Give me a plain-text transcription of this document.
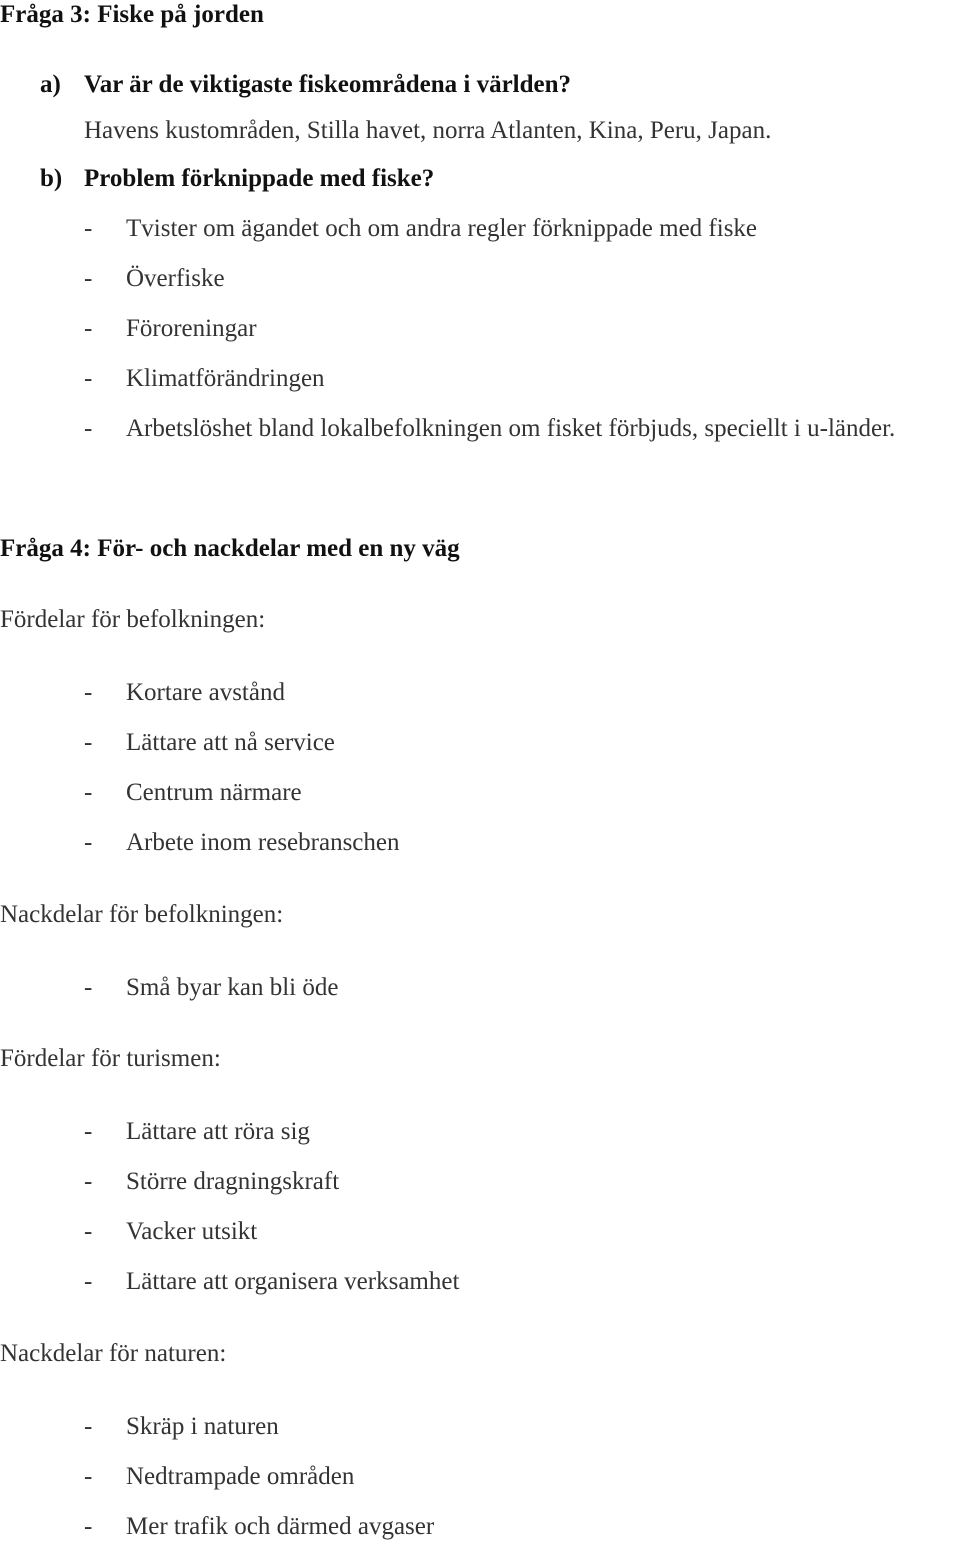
Fråga 3: Fiske på jorden

a) Var är de viktigaste fiskeområdena i världen?
Havens kustområden, Stilla havet, norra Atlanten, Kina, Peru, Japan.
b) Problem förknippade med fiske?
- Tvister om ägandet och om andra regler förknippade med fiske
- Överfiske
- Föroreningar
- Klimatförändringen
- Arbetslöshet bland lokalbefolkningen om fisket förbjuds, speciellt i u-länder.

Fråga 4: För- och nackdelar med en ny väg

Fördelar för befolkningen:
- Kortare avstånd
- Lättare att nå service
- Centrum närmare
- Arbete inom resebranschen
Nackdelar för befolkningen:
- Små byar kan bli öde
Fördelar för turismen:
- Lättare att röra sig
- Större dragningskraft
- Vacker utsikt
- Lättare att organisera verksamhet
Nackdelar för naturen:
- Skräp i naturen
- Nedtrampade områden
- Mer trafik och därmed avgaser
